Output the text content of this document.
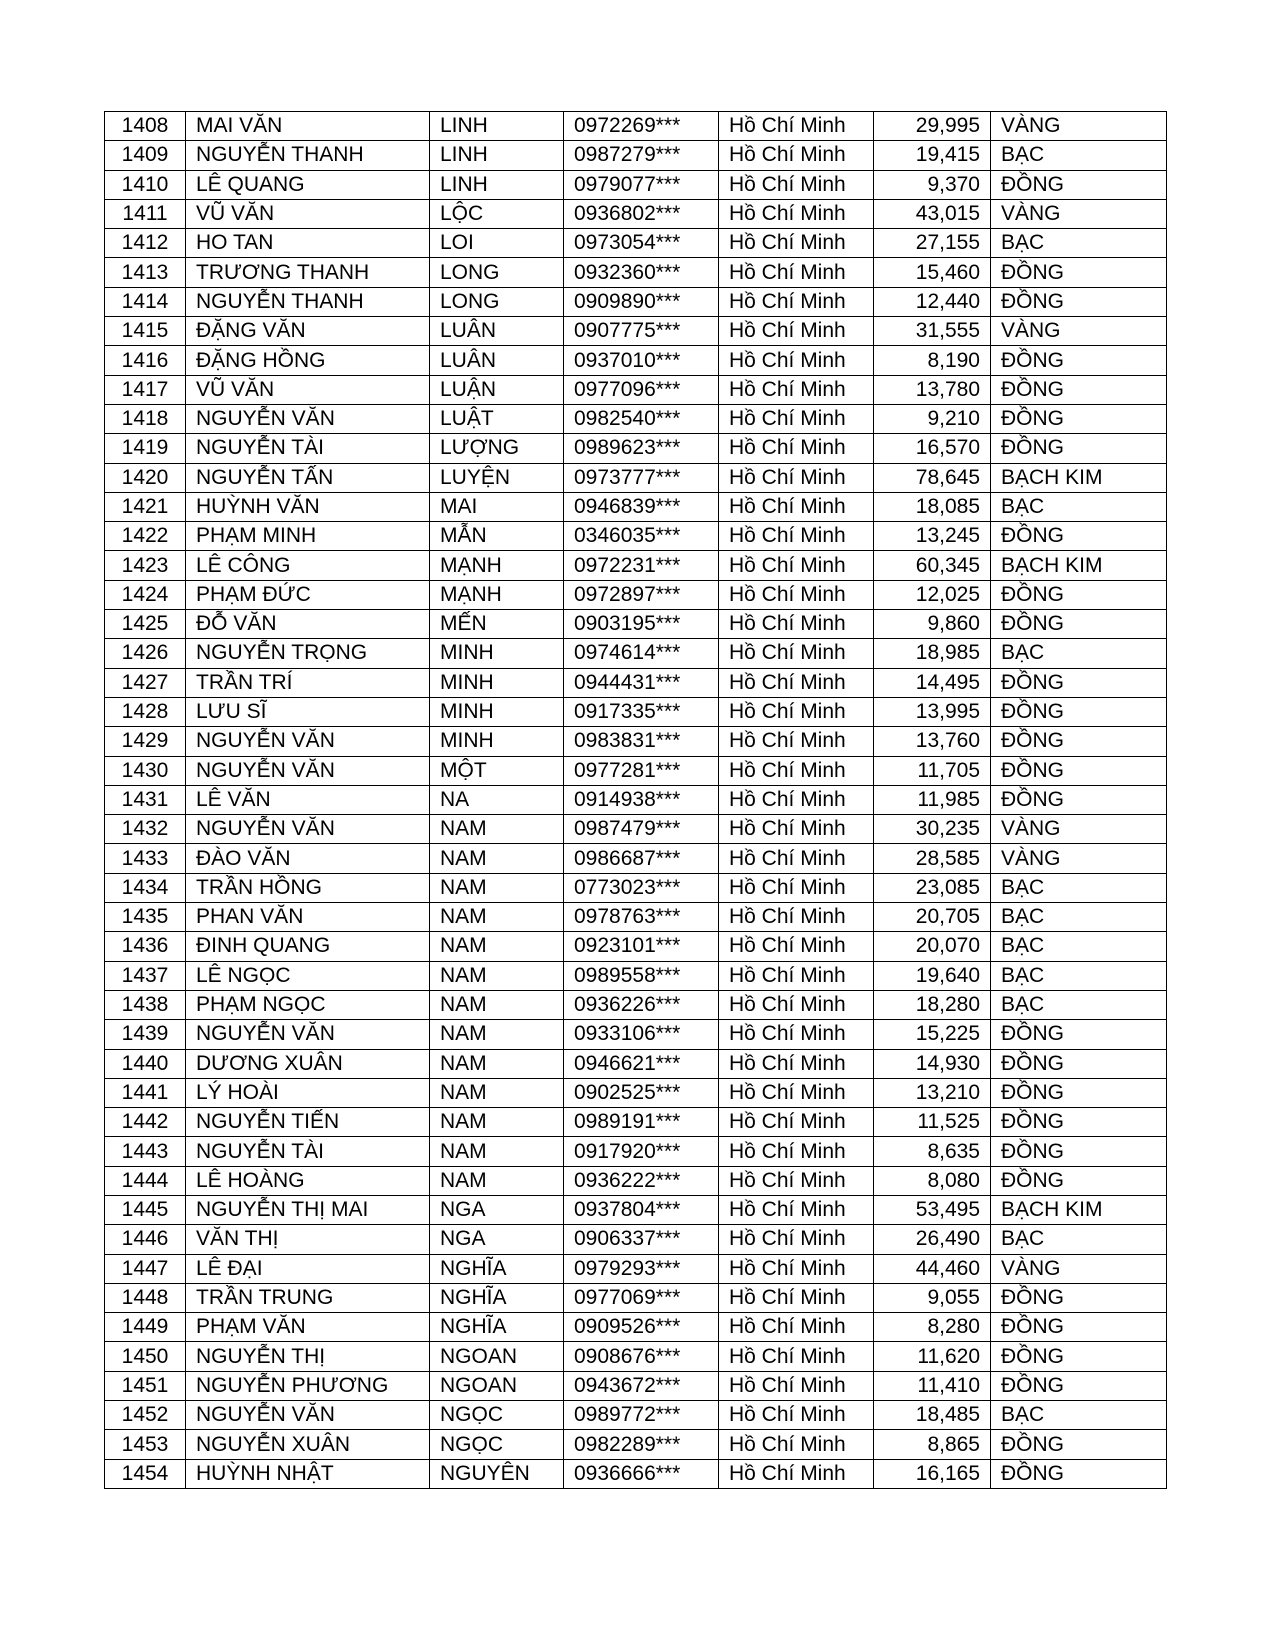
1408	MAI VĂN	LINH	0972269***	Hồ Chí Minh	29,995	VÀNG
1409	NGUYỄN THANH	LINH	0987279***	Hồ Chí Minh	19,415	BẠC
1410	LÊ QUANG	LINH	0979077***	Hồ Chí Minh	9,370	ĐỒNG
1411	VŨ VĂN	LỘC	0936802***	Hồ Chí Minh	43,015	VÀNG
1412	HO TAN	LOI	0973054***	Hồ Chí Minh	27,155	BẠC
1413	TRƯƠNG THANH	LONG	0932360***	Hồ Chí Minh	15,460	ĐỒNG
1414	NGUYỄN THANH	LONG	0909890***	Hồ Chí Minh	12,440	ĐỒNG
1415	ĐẶNG VĂN	LUÂN	0907775***	Hồ Chí Minh	31,555	VÀNG
1416	ĐẶNG HỒNG	LUÂN	0937010***	Hồ Chí Minh	8,190	ĐỒNG
1417	VŨ VĂN	LUẬN	0977096***	Hồ Chí Minh	13,780	ĐỒNG
1418	NGUYỄN VĂN	LUẬT	0982540***	Hồ Chí Minh	9,210	ĐỒNG
1419	NGUYỄN TÀI	LƯỢNG	0989623***	Hồ Chí Minh	16,570	ĐỒNG
1420	NGUYỄN TẤN	LUYỆN	0973777***	Hồ Chí Minh	78,645	BẠCH KIM
1421	HUỲNH VĂN	MAI	0946839***	Hồ Chí Minh	18,085	BẠC
1422	PHẠM MINH	MẪN	0346035***	Hồ Chí Minh	13,245	ĐỒNG
1423	LÊ CÔNG	MẠNH	0972231***	Hồ Chí Minh	60,345	BẠCH KIM
1424	PHẠM ĐỨC	MẠNH	0972897***	Hồ Chí Minh	12,025	ĐỒNG
1425	ĐỖ VĂN	MẾN	0903195***	Hồ Chí Minh	9,860	ĐỒNG
1426	NGUYỄN TRỌNG	MINH	0974614***	Hồ Chí Minh	18,985	BẠC
1427	TRẦN TRÍ	MINH	0944431***	Hồ Chí Minh	14,495	ĐỒNG
1428	LƯU SĨ	MINH	0917335***	Hồ Chí Minh	13,995	ĐỒNG
1429	NGUYỄN VĂN	MINH	0983831***	Hồ Chí Minh	13,760	ĐỒNG
1430	NGUYỄN VĂN	MỘT	0977281***	Hồ Chí Minh	11,705	ĐỒNG
1431	LÊ VĂN	NA	0914938***	Hồ Chí Minh	11,985	ĐỒNG
1432	NGUYỄN VĂN	NAM	0987479***	Hồ Chí Minh	30,235	VÀNG
1433	ĐÀO VĂN	NAM	0986687***	Hồ Chí Minh	28,585	VÀNG
1434	TRẦN HỒNG	NAM	0773023***	Hồ Chí Minh	23,085	BẠC
1435	PHAN VĂN	NAM	0978763***	Hồ Chí Minh	20,705	BẠC
1436	ĐINH QUANG	NAM	0923101***	Hồ Chí Minh	20,070	BẠC
1437	LÊ NGỌC	NAM	0989558***	Hồ Chí Minh	19,640	BẠC
1438	PHẠM NGỌC	NAM	0936226***	Hồ Chí Minh	18,280	BẠC
1439	NGUYỄN VĂN	NAM	0933106***	Hồ Chí Minh	15,225	ĐỒNG
1440	DƯƠNG XUÂN	NAM	0946621***	Hồ Chí Minh	14,930	ĐỒNG
1441	LÝ HOÀI	NAM	0902525***	Hồ Chí Minh	13,210	ĐỒNG
1442	NGUYỄN TIẾN	NAM	0989191***	Hồ Chí Minh	11,525	ĐỒNG
1443	NGUYỄN TÀI	NAM	0917920***	Hồ Chí Minh	8,635	ĐỒNG
1444	LÊ HOÀNG	NAM	0936222***	Hồ Chí Minh	8,080	ĐỒNG
1445	NGUYỄN THỊ MAI	NGA	0937804***	Hồ Chí Minh	53,495	BẠCH KIM
1446	VĂN THỊ	NGA	0906337***	Hồ Chí Minh	26,490	BẠC
1447	LÊ ĐẠI	NGHĨA	0979293***	Hồ Chí Minh	44,460	VÀNG
1448	TRẦN TRUNG	NGHĨA	0977069***	Hồ Chí Minh	9,055	ĐỒNG
1449	PHẠM VĂN	NGHĨA	0909526***	Hồ Chí Minh	8,280	ĐỒNG
1450	NGUYỄN THỊ	NGOAN	0908676***	Hồ Chí Minh	11,620	ĐỒNG
1451	NGUYỄN PHƯƠNG	NGOAN	0943672***	Hồ Chí Minh	11,410	ĐỒNG
1452	NGUYỄN VĂN	NGỌC	0989772***	Hồ Chí Minh	18,485	BẠC
1453	NGUYỄN XUÂN	NGỌC	0982289***	Hồ Chí Minh	8,865	ĐỒNG
1454	HUỲNH NHẬT	NGUYÊN	0936666***	Hồ Chí Minh	16,165	ĐỒNG
